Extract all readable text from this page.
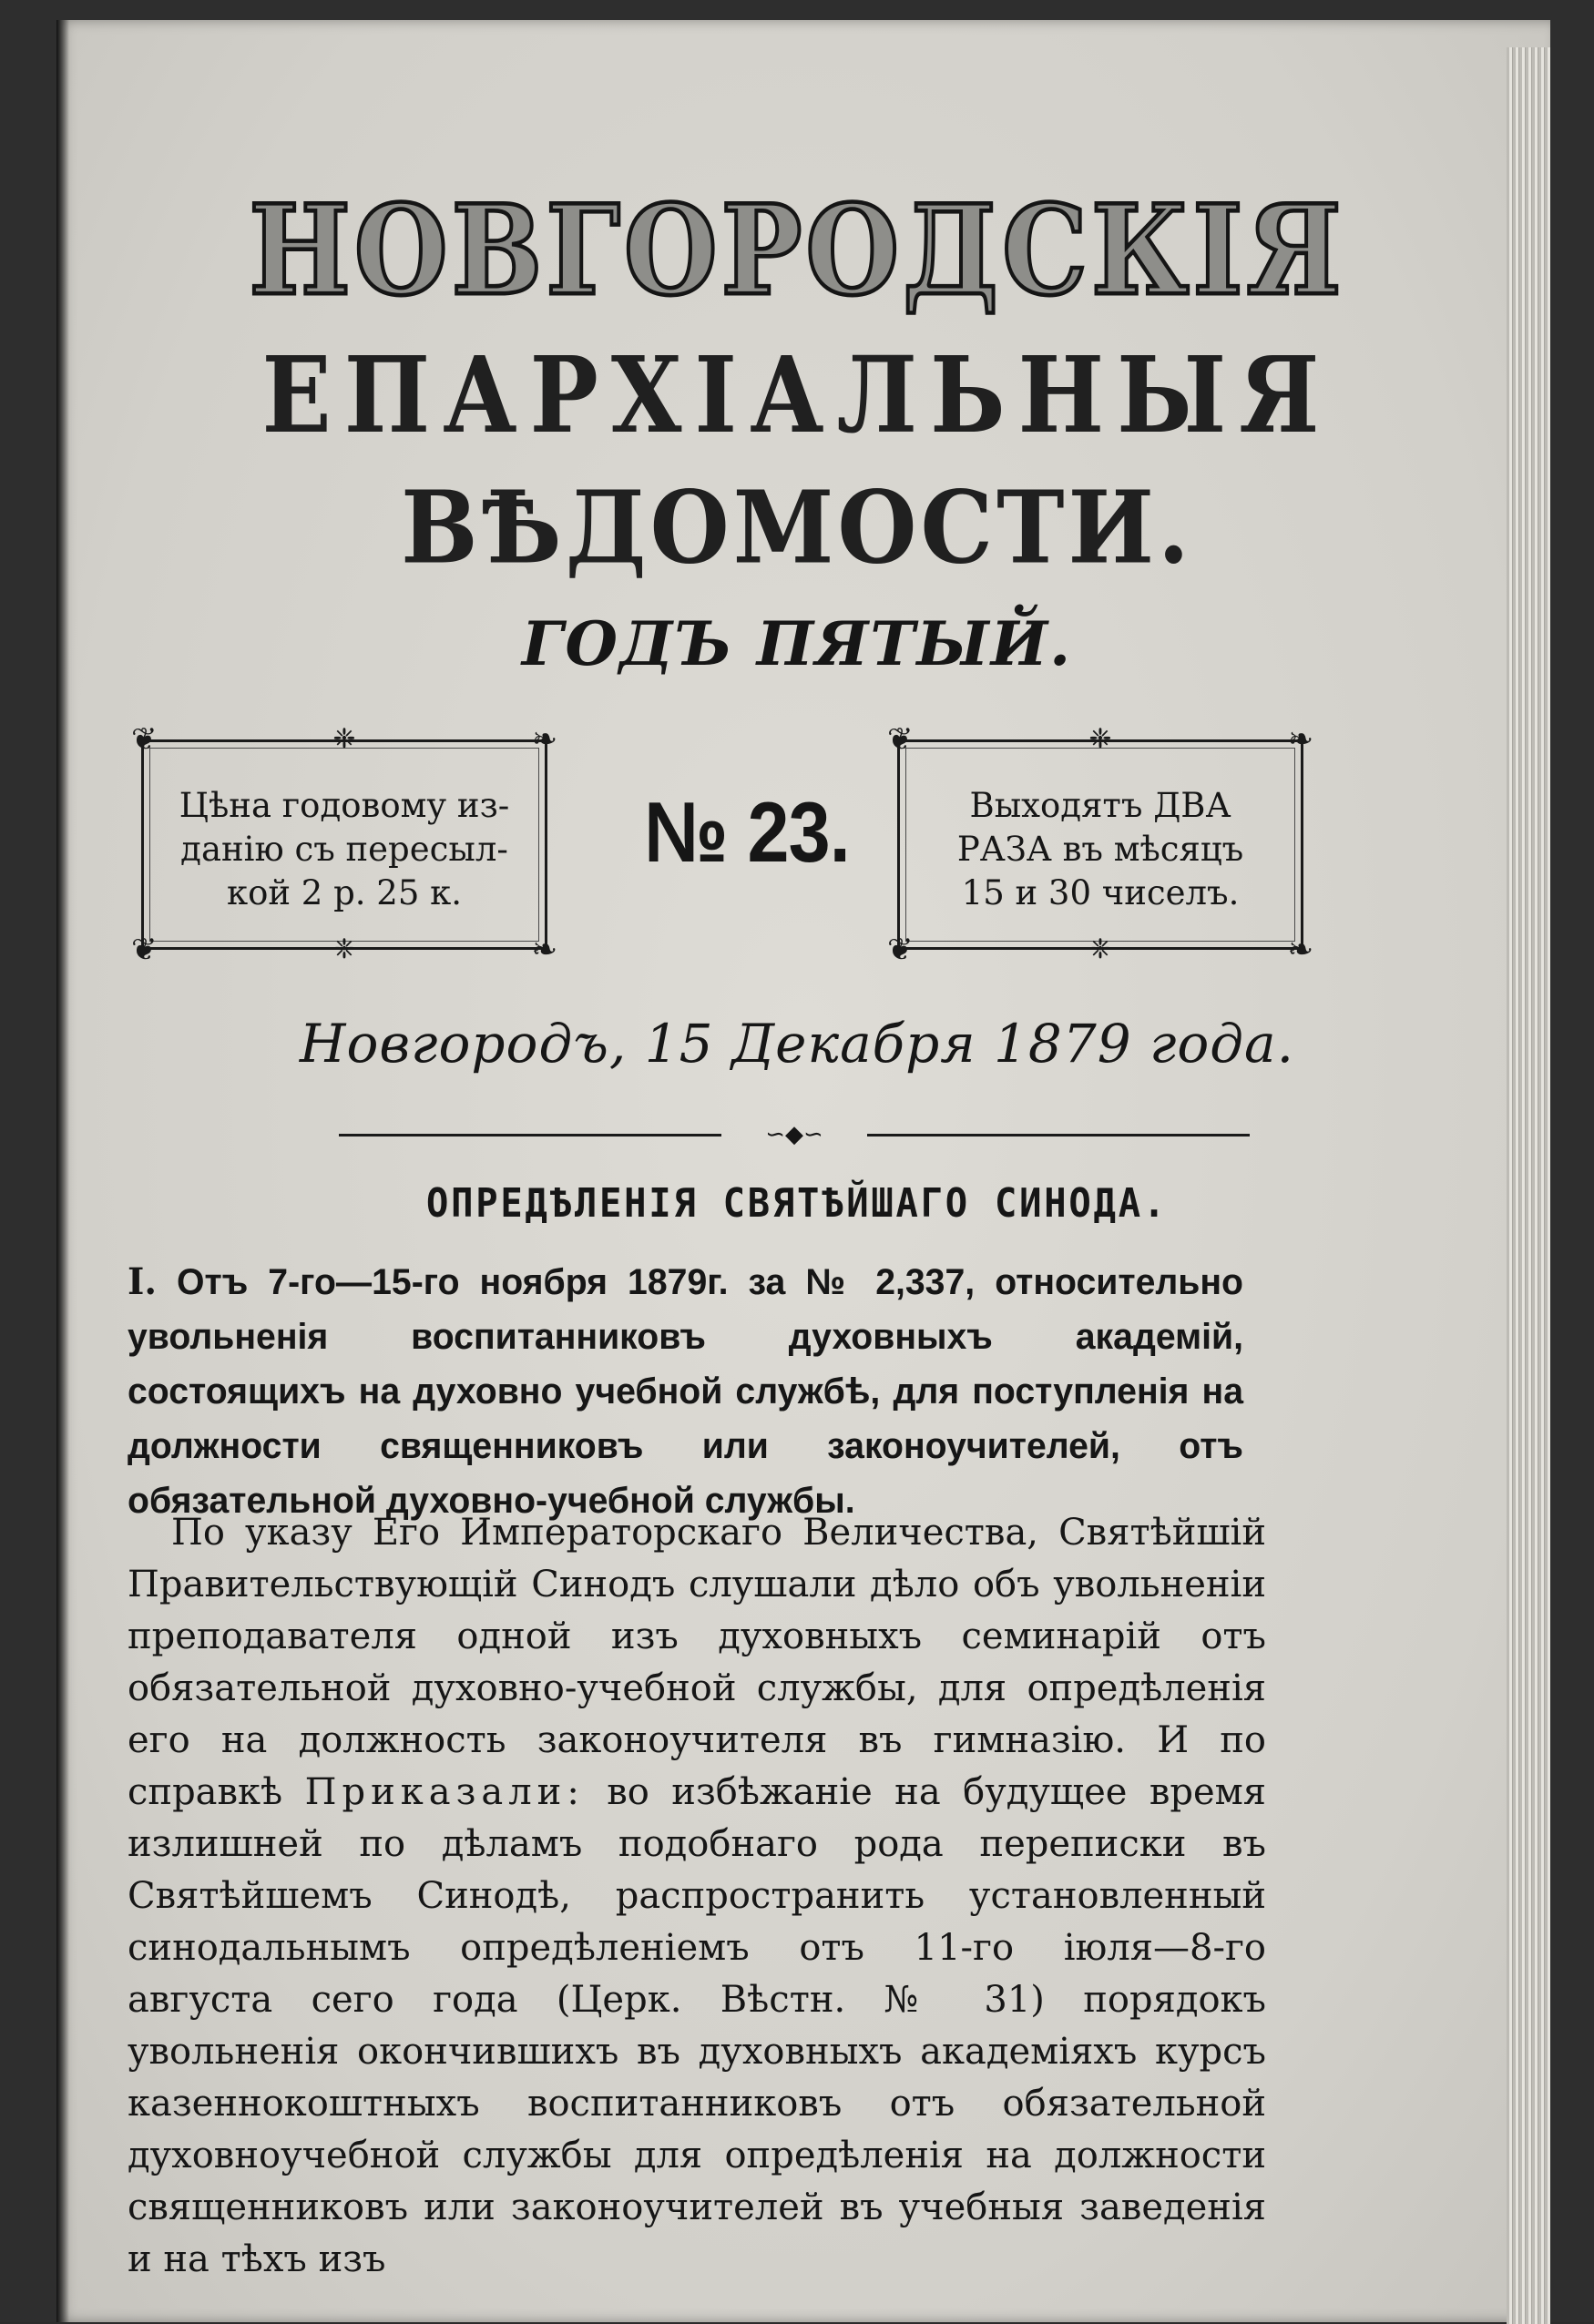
НОВГОРОДСКІЯ
ЕПАРХІАЛЬНЫЯ
ВѢДОМОСТИ.
ГОДЪ ПЯТЫЙ.
❦	❧
❦	❧
❈
❈
Цѣна годовому из-
данію съ пересыл-
кой 2 р. 25 к.
№ 23.
❦	❧
❦	❧
❈
❈
Выходятъ ДВА
РАЗА въ мѣсяцъ
15 и 30 чиселъ.
Новгородъ, 15 Декабря 1879 года.
∽◆∽
ОПРЕДѢЛЕНІЯ СВЯТѢЙШАГО СИНОДА.
I. Отъ 7-го—15-го ноября 1879г. за № 2,337, относительно увольненія воспитанниковъ духовныхъ академій, состоящихъ на духовно учебной службѣ, для поступленія на должности священниковъ или законоучителей, отъ обязательной духовно-учебной службы.

По указу Его Императорскаго Величества, Святѣйшій Правительствующій Синодъ слушали дѣло объ увольненіи преподавателя одной изъ духовныхъ семинарій отъ обязательной духовно-учебной службы, для опредѣленія его на должность законоучителя въ гимназію. И по справкѣ Приказали: во избѣжаніе на будущее время излишней по дѣламъ подобнаго рода переписки въ Святѣйшемъ Синодѣ, распространить установленный синодальнымъ опредѣленіемъ отъ 11-го іюля—8-го августа сего года (Церк. Вѣстн. № 31) порядокъ увольненія окончившихъ въ духовныхъ академіяхъ курсъ казеннокоштныхъ воспитанниковъ отъ обязательной духовноучебной службы для опредѣленія на должности священниковъ или законоучителей въ учебныя заведенія и на тѣхъ изъ
